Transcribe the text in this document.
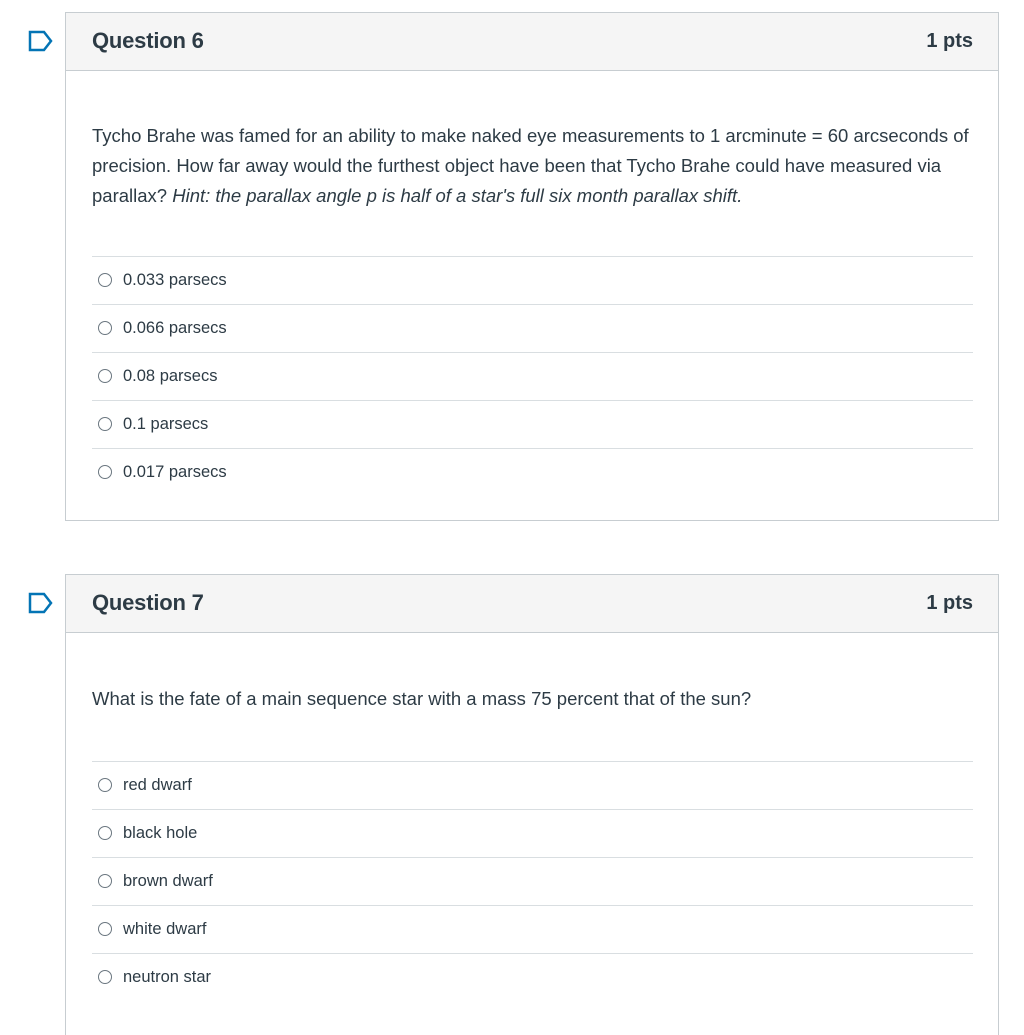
Question 6	1 pts

Tycho Brahe was famed for an ability to make naked eye measurements to 1 arcminute = 60 arcseconds of precision. How far away would the furthest object have been that Tycho Brahe could have measured via parallax? Hint: the parallax angle p is half of a star's full six month parallax shift.

0.033 parsecs
0.066 parsecs
0.08 parsecs
0.1 parsecs
0.017 parsecs
Question 7	1 pts

What is the fate of a main sequence star with a mass 75 percent that of the sun?

red dwarf
black hole
brown dwarf
white dwarf
neutron star
